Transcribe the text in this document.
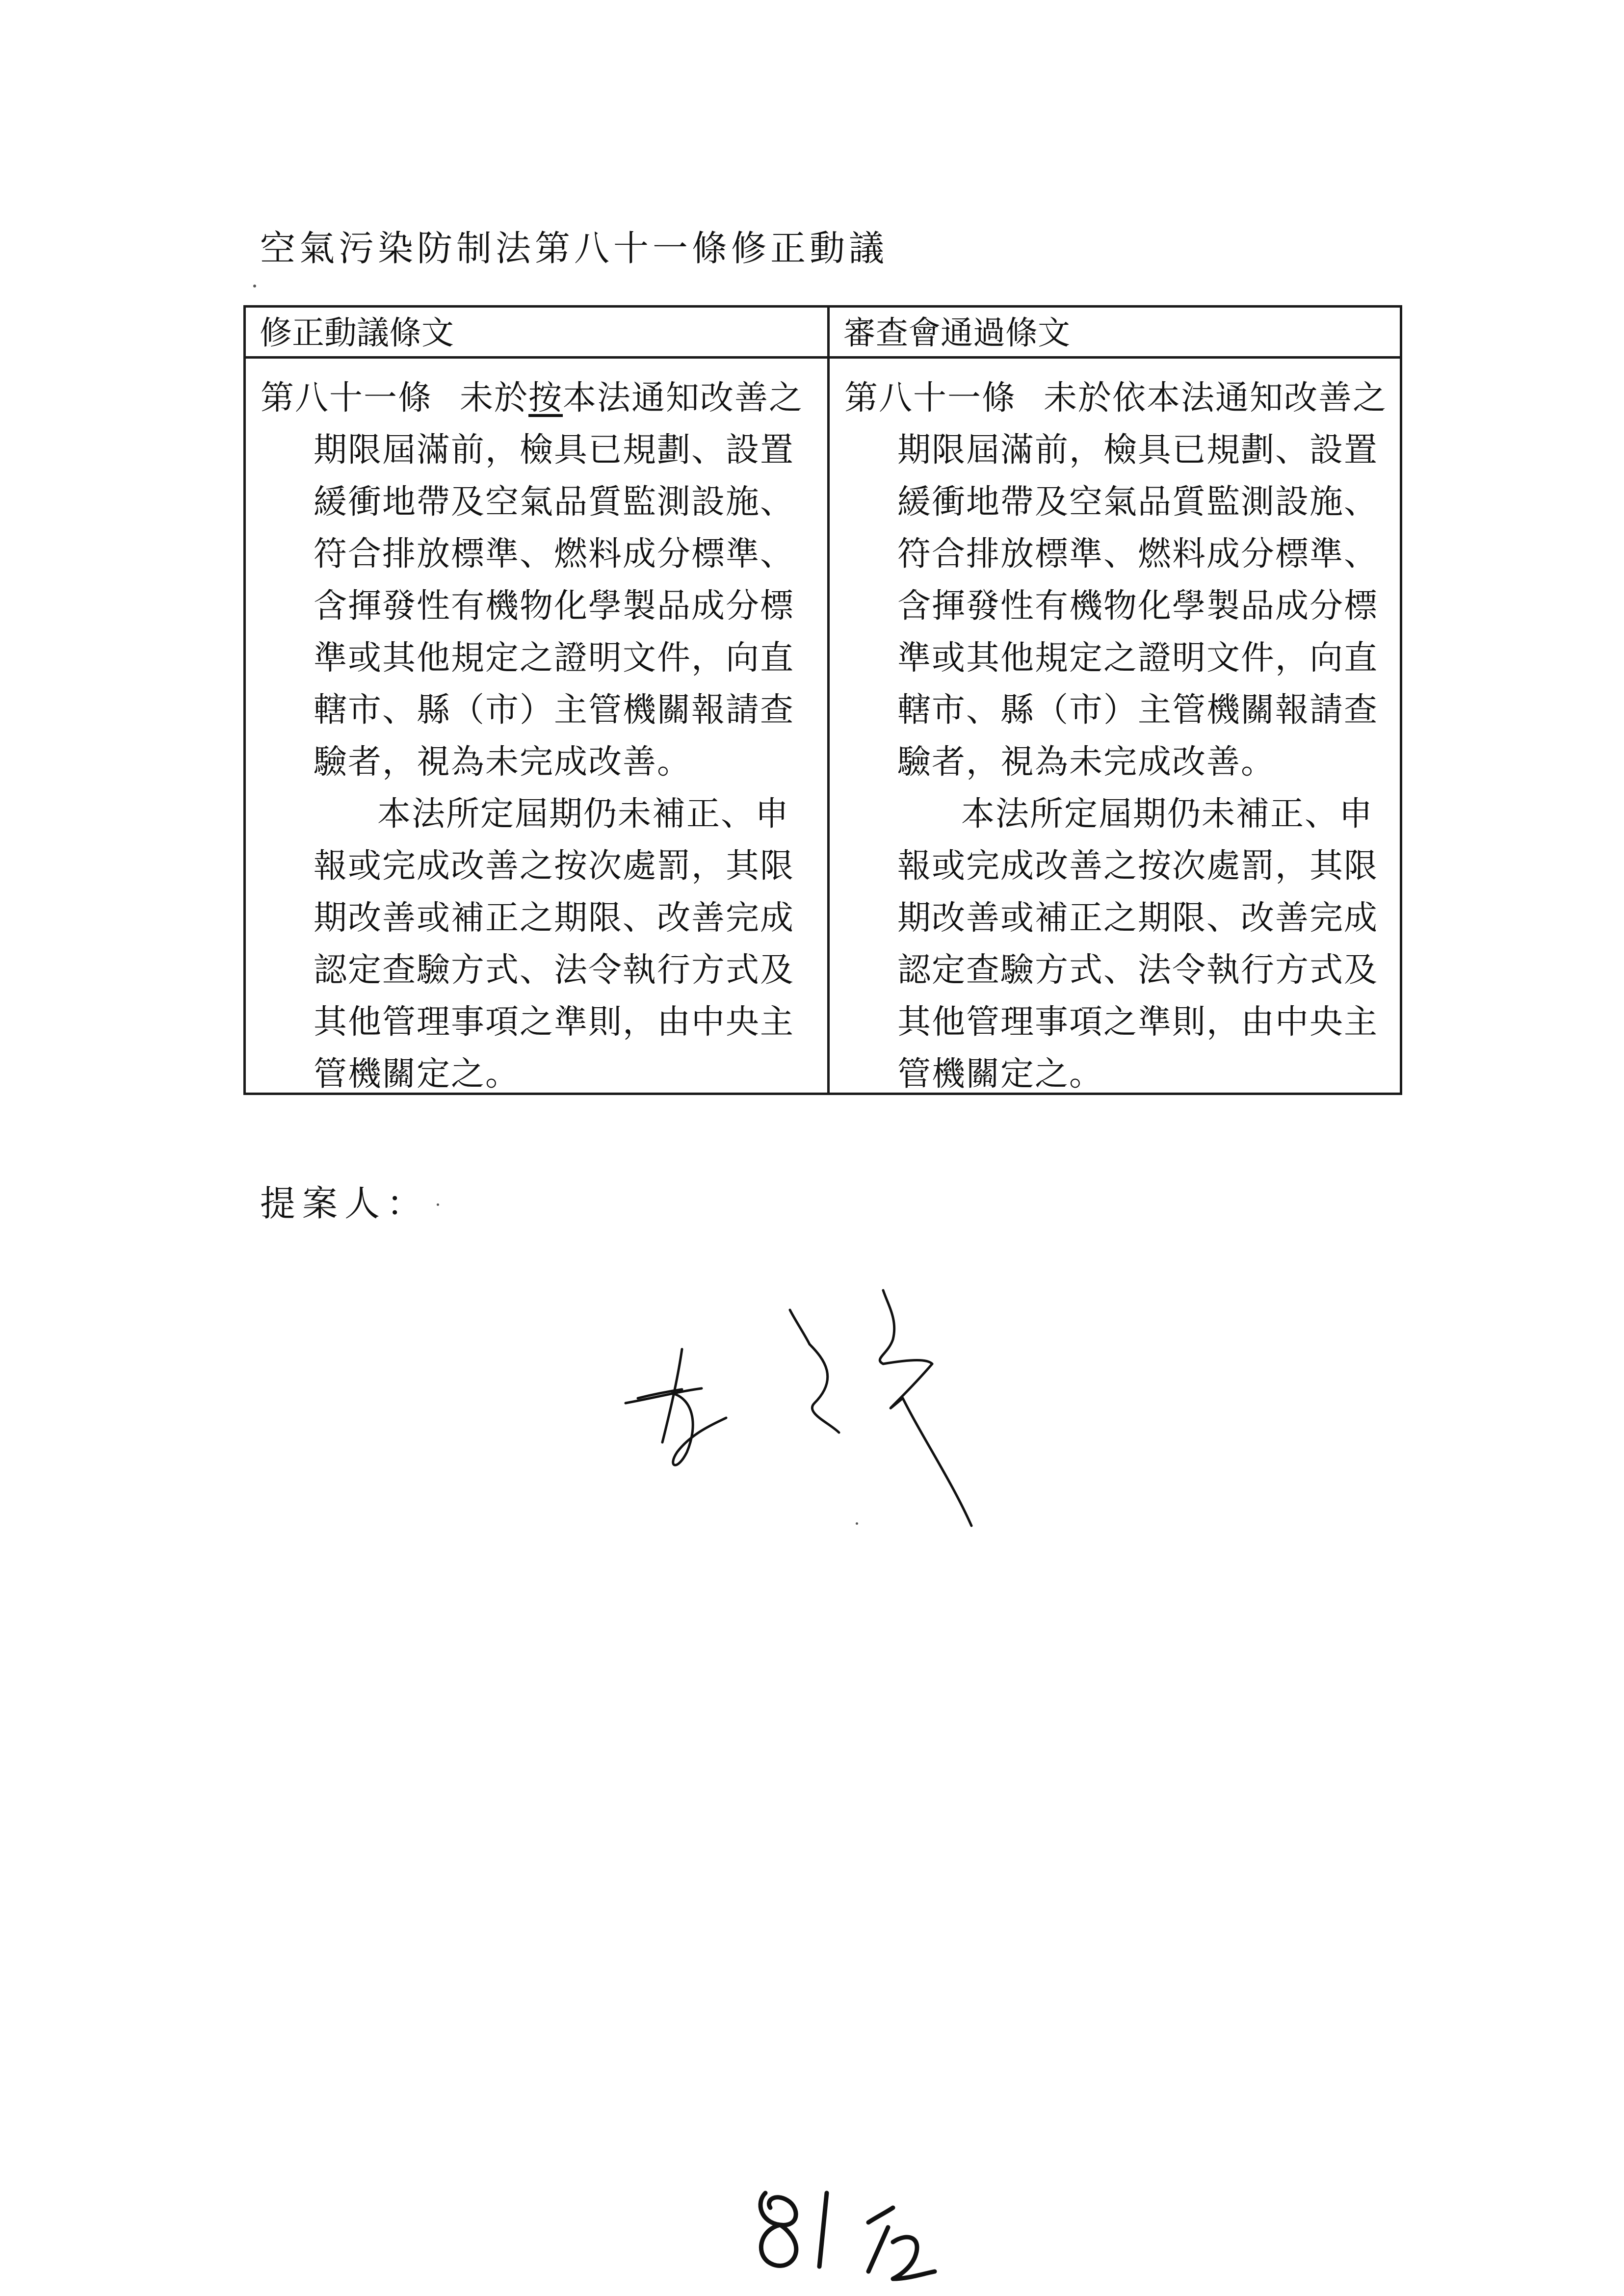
空氣污染防制法第八十一條修正動議
修正動議條文

第八十一條 未於按本法通知改善之期限屆滿前，檢具已規劃、設置緩衝地帶及空氣品質監測設施、符合排放標準、燃料成分標準、含揮發性有機物化學製品成分標準或其他規定之證明文件，向直轄市、縣（市）主管機關報請查驗者，視為未完成改善。

本法所定屆期仍未補正、申報或完成改善之按次處罰，其限期改善或補正之期限、改善完成認定查驗方式、法令執行方式及其他管理事項之準則，由中央主管機關定之。

審查會通過條文

第八十一條 未於依本法通知改善之期限屆滿前，檢具已規劃、設置緩衝地帶及空氣品質監測設施、符合排放標準、燃料成分標準、含揮發性有機物化學製品成分標準或其他規定之證明文件，向直轄市、縣（市）主管機關報請查驗者，視為未完成改善。

本法所定屆期仍未補正、申報或完成改善之按次處罰，其限期改善或補正之期限、改善完成認定查驗方式、法令執行方式及其他管理事項之準則，由中央主管機關定之。

提案人：
